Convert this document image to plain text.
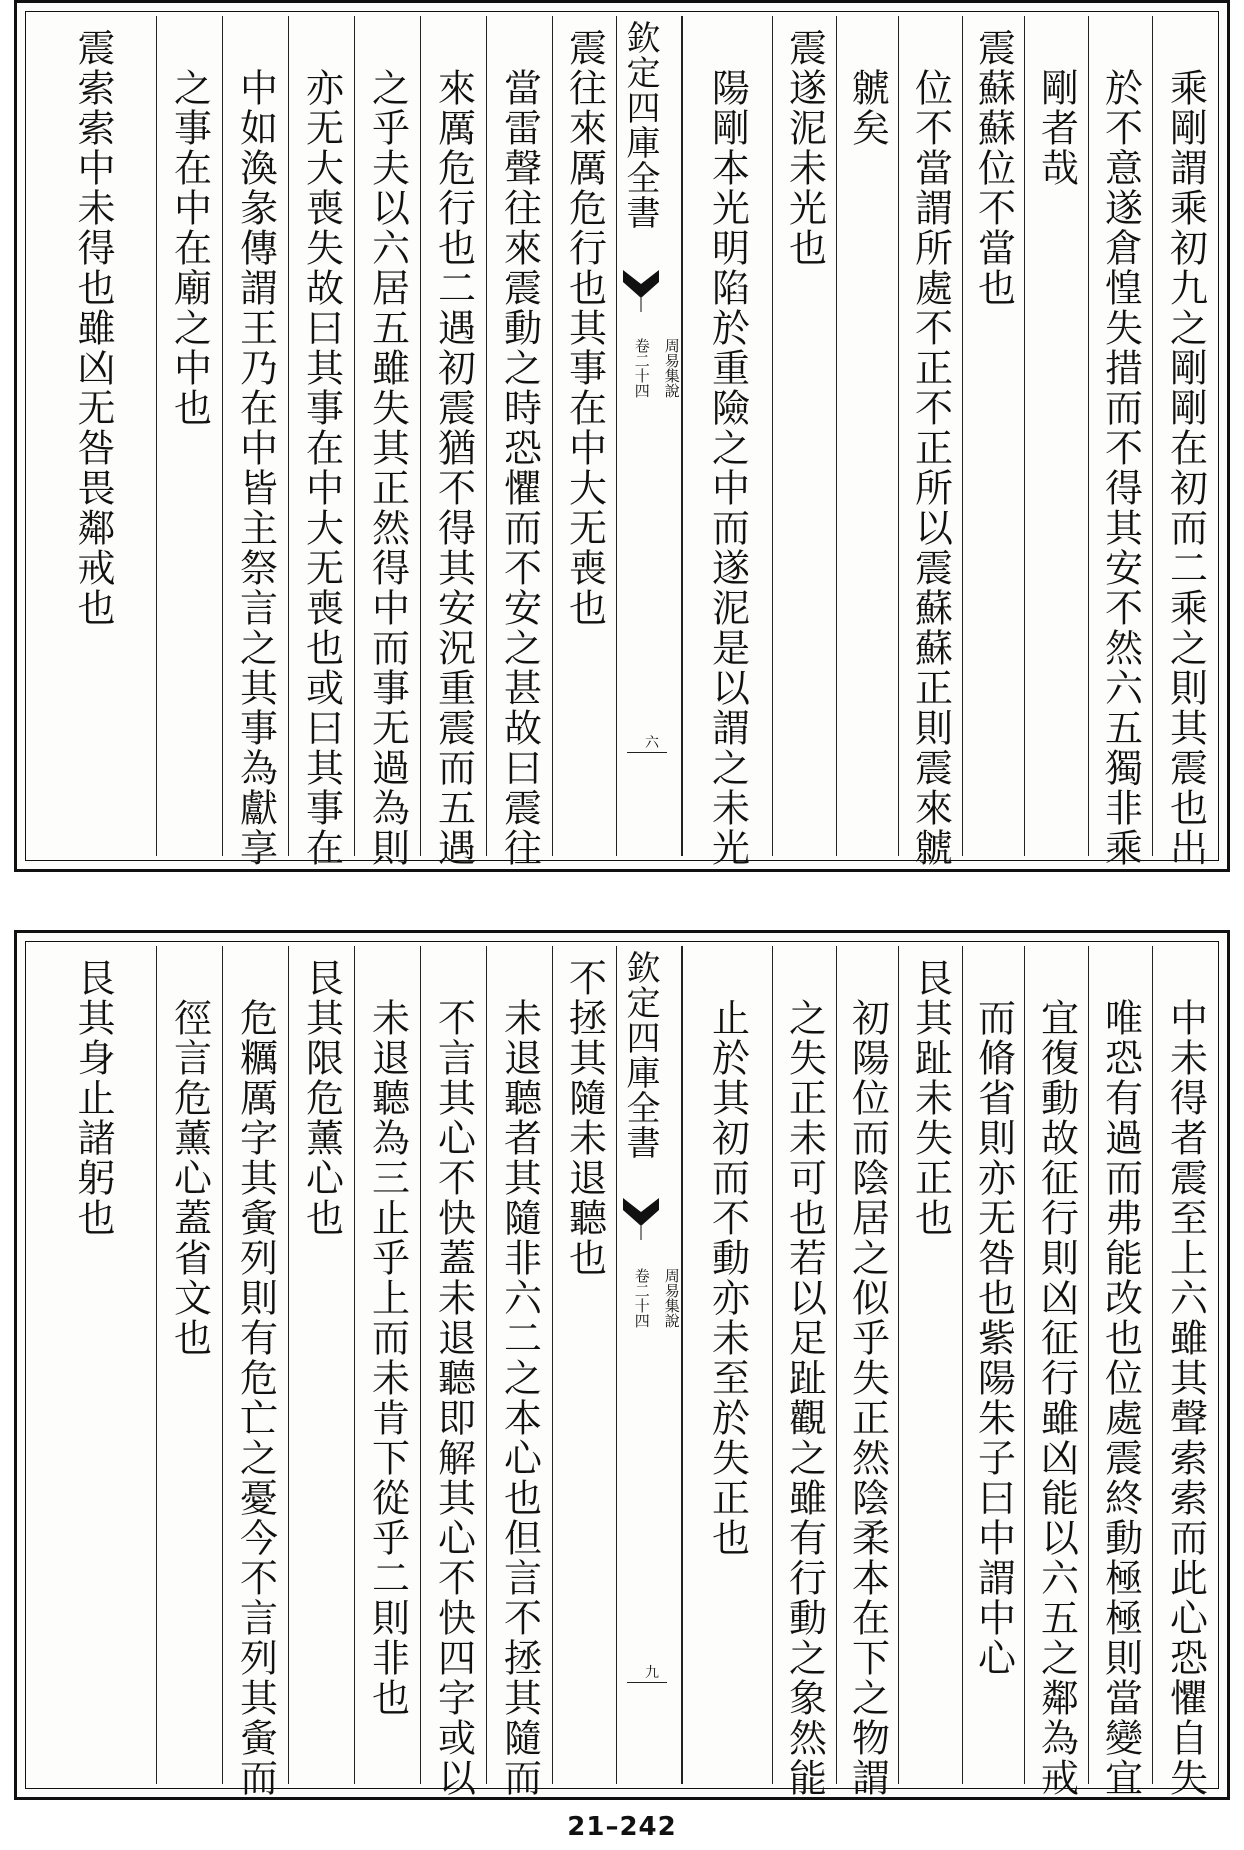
乘剛謂乘初九之剛剛在初而二乘之則其震也出
於不意遂倉惶失措而不得其安不然六五獨非乘
剛者哉
震蘇蘇位不當也
位不當謂所處不正不正所以震蘇蘇正則震來虩
虩矣
震遂泥未光也
陽剛本光明陷於重險之中而遂泥是以謂之未光
欽定四庫全書
周易集說
卷二十四
六
震往來厲危行也其事在中大无喪也
當雷聲往來震動之時恐懼而不安之甚故曰震往
來厲危行也二遇初震猶不得其安況重震而五遇
之乎夫以六居五雖失其正然得中而事无過為則
亦无大喪失故曰其事在中大无喪也或曰其事在
中如渙彖傳謂王乃在中皆主祭言之其事為獻享
之事在中在廟之中也
震索索中未得也雖凶无咎畏鄰戒也
中未得者震至上六雖其聲索索而此心恐懼自失
唯恐有過而弗能改也位處震終動極極則當變宜
宜復動故征行則凶征行雖凶能以六五之鄰為戒
而脩省則亦无咎也紫陽朱子曰中謂中心
艮其趾未失正也
初陽位而陰居之似乎失正然陰柔本在下之物謂
之失正未可也若以足趾觀之雖有行動之象然能
止於其初而不動亦未至於失正也
欽定四庫全書
周易集說
卷二十四
九
不拯其隨未退聽也
未退聽者其隨非六二之本心也但言不拯其隨而
不言其心不快蓋未退聽即解其心不快四字或以
未退聽為三止乎上而未肯下從乎二則非也
艮其限危薰心也
危糲厲字其夤列則有危亡之憂今不言列其夤而
徑言危薰心蓋省文也
艮其身止諸躬也
21–242
